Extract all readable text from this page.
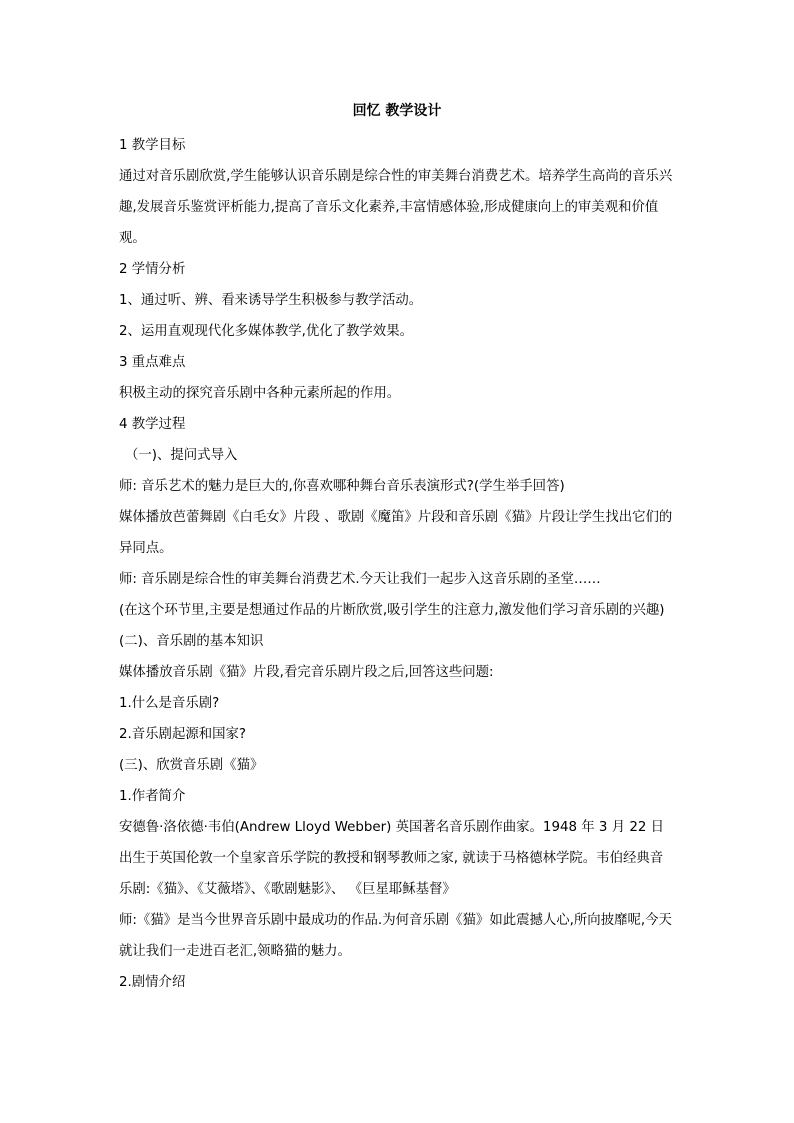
回忆 教学设计

1 教学目标

通过对音乐剧欣赏,学生能够认识音乐剧是综合性的审美舞台消费艺术。培养学生高尚的音乐兴趣,发展音乐鉴赏评析能力,提高了音乐文化素养,丰富情感体验,形成健康向上的审美观和价值观。

2 学情分析

1、通过听、辨、看来诱导学生积极参与教学活动。

2、运用直观现代化多媒体教学,优化了教学效果。

3 重点难点

积极主动的探究音乐剧中各种元素所起的作用。

4 教学过程

（一)、提问式导入

师: 音乐艺术的魅力是巨大的,你喜欢哪种舞台音乐表演形式?(学生举手回答)

媒体播放芭蕾舞剧《白毛女》片段 、歌剧《魔笛》片段和音乐剧《猫》片段让学生找出它们的异同点。

师: 音乐剧是综合性的审美舞台消费艺术.今天让我们一起步入这音乐剧的圣堂……

(在这个环节里,主要是想通过作品的片断欣赏,吸引学生的注意力,激发他们学习音乐剧的兴趣)

(二)、音乐剧的基本知识

媒体播放音乐剧《猫》片段,看完音乐剧片段之后,回答这些问题:

1.什么是音乐剧?

2.音乐剧起源和国家?

(三)、欣赏音乐剧《猫》

1.作者简介

安德鲁·洛依德·韦伯(Andrew Lloyd Webber) 英国著名音乐剧作曲家。1948 年 3 月 22 日出生于英国伦敦一个皇家音乐学院的教授和钢琴教师之家, 就读于马格德林学院。韦伯经典音乐剧:《猫》、《艾薇塔》、《歌剧魅影》、 《巨星耶稣基督》

师:《猫》是当今世界音乐剧中最成功的作品.为何音乐剧《猫》如此震撼人心,所向披靡呢,今天就让我们一走进百老汇,领略猫的魅力。

2.剧情介绍
